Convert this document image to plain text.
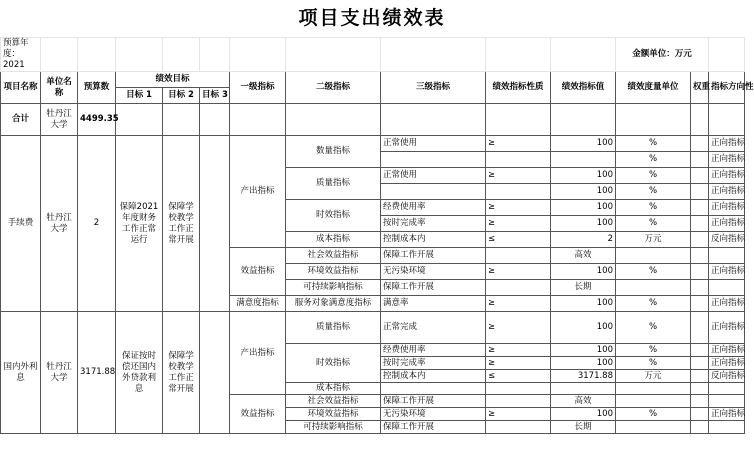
项目支出绩效表
预算年度：2021											金额单位：万元		
项目名称	单位名称	预算数	绩效目标			一级指标	二级指标	三级指标	绩效指标性质	绩效指标值	绩效度量单位	权重	指标方向性
			目标 1	目标 2	目标 3								
合计	牡丹江大学	4499.35											
手续费	牡丹江大学	2	保障2021年度财务工作正常运行	保障学校教学工作正常开展		产出指标	数量指标	正常使用	≥	100	%		正向指标
											%		正向指标
							质量指标	正常使用	≥	100	%		正向指标
										100	%		正向指标
							时效指标	经费使用率	≥	100	%		正向指标
								按时完成率	≥	100	%		正向指标
							成本指标	控制成本内	≤	2	万元		反向指标
						效益指标	社会效益指标	保障工作开展		高效			
							环境效益指标	无污染环境	≥	100	%		正向指标
							可持续影响指标	保障工作开展		长期			
						满意度指标	服务对象满意度指标	满意率	≥	100	%		正向指标
国内外利息	牡丹江大学	3171.88	保证按时偿还国内外贷款利息	保障学校教学工作正常开展		产出指标	质量指标	正常完成	≥	100	%		正向指标
							时效指标	经费使用率	≥	100	%		正向指标
								按时完成率	≥	100	%		正向指标
								控制成本内	≤	3171.88	万元		反向指标
							成本指标						
						效益指标	社会效益指标	保障工作开展		高效			
							环境效益指标	无污染环境	≥	100	%		正向指标
							可持续影响指标	保障工作开展		长期			
